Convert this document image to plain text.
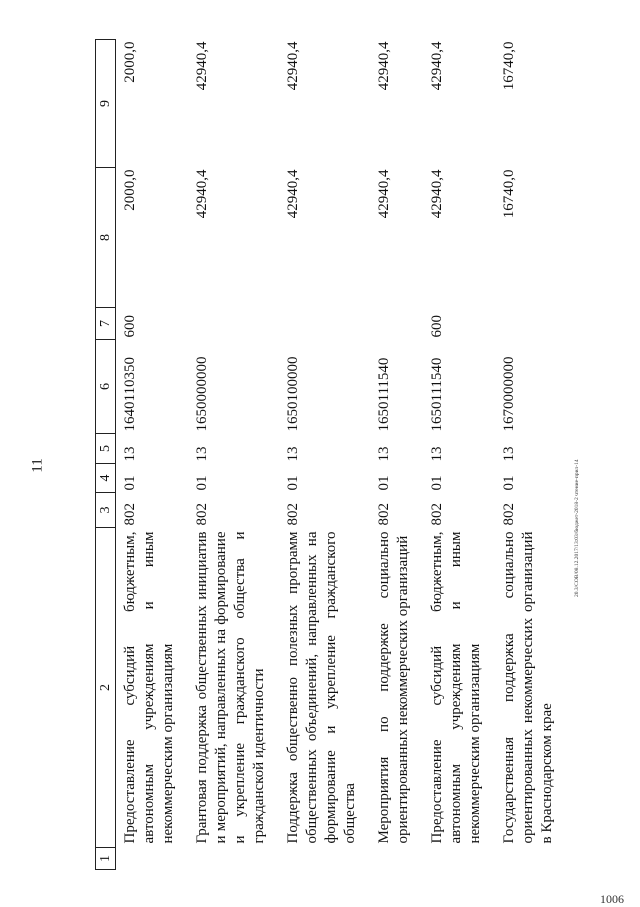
11
1	2	3	4	5	6	7	8	9
	Предоставление субсидий бюджетным, автономным учреждениям и иным некоммерческим организациям	802	01	13	1640110350	600	2000,0	2000,0
	Грантовая поддержка общественных инициатив и мероприятий, направленных на формирование и укрепление гражданского общества и гражданской идентичности	802	01	13	1650000000		42940,4	42940,4
	Поддержка общественно полезных программ общественных объединений, направленных на формирование и укрепление гражданского общества	802	01	13	1650100000		42940,4	42940,4
	Мероприятия по поддержке социально ориентированных некоммерческих организаций	802	01	13	1650111540		42940,4	42940,4
	Предоставление субсидий бюджетным, автономным учреждениям и иным некоммерческим организациям	802	01	13	1650111540	600	42940,4	42940,4
	Государственная поддержка социально ориентированных некоммерческих организаций в Краснодарском крае	802	01	13	1670000000		16740,0	16740,0
20.3/СОВ/08.12.2017/13:03/бюджет-2018-2 чтение-прил-14
1006
